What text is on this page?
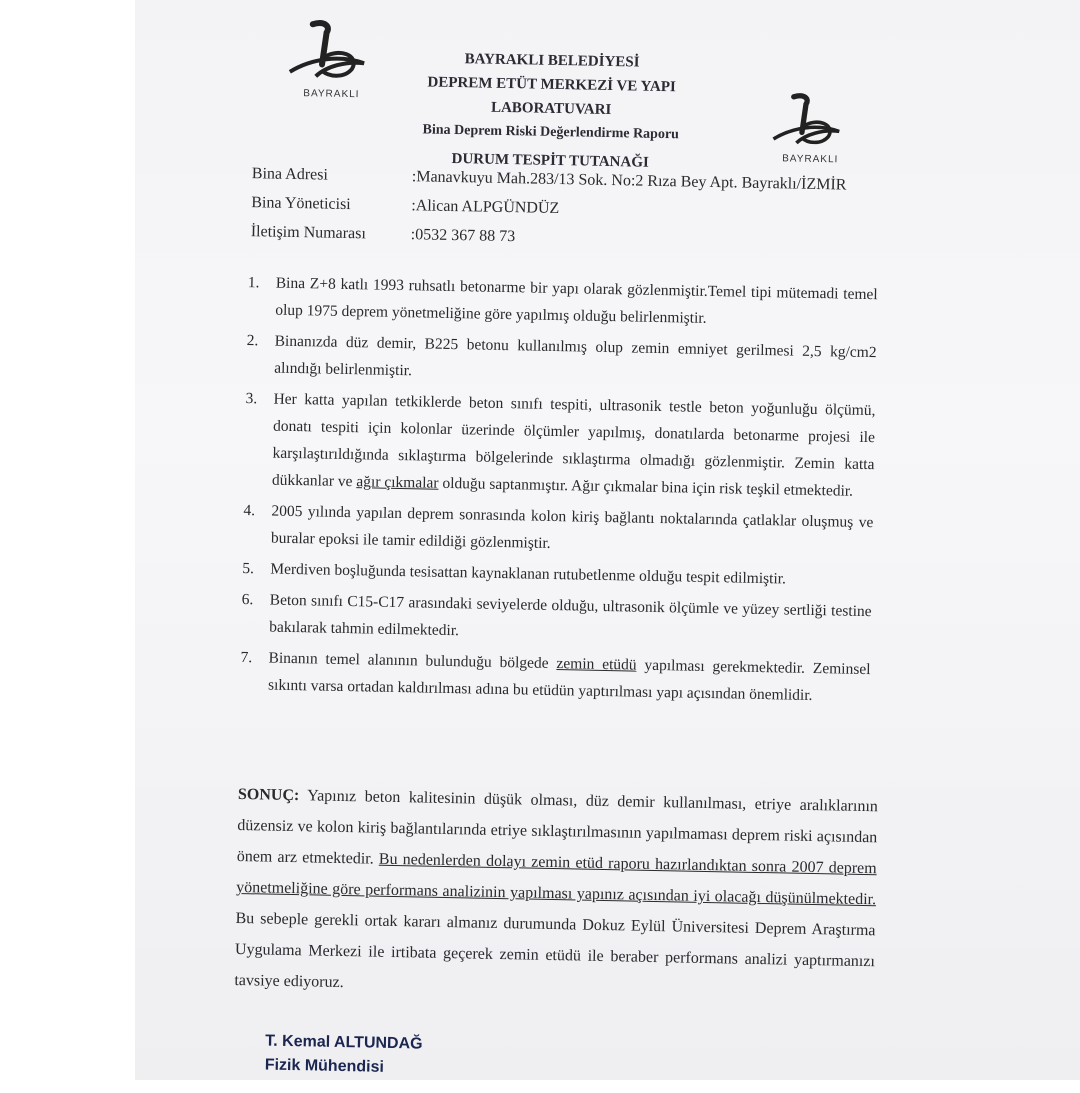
BAYRAKLI
BAYRAKLI
BAYRAKLI BELEDİYESİ
DEPREM ETÜT MERKEZİ VE YAPI
LABORATUVARI
Bina Deprem Riski Değerlendirme Raporu
DURUM TESPİT TUTANAĞI
Bina Adresi	:Manavkuyu Mah.283/13 Sok. No:2 Rıza Bey Apt. Bayraklı/İZMİR
Bina Yöneticisi	:Alican ALPGÜNDÜZ
İletişim Numarası	:0532 367 88 73
1.	Bina Z+8 katlı 1993 ruhsatlı betonarme bir yapı olarak gözlenmiştir.Temel tipi mütemadi temel olup 1975 deprem yönetmeliğine göre yapılmış olduğu belirlenmiştir.
2.	Binanızda düz demir, B225 betonu kullanılmış olup zemin emniyet gerilmesi 2,5 kg/cm2 alındığı belirlenmiştir.
3.	Her katta yapılan tetkiklerde beton sınıfı tespiti, ultrasonik testle beton yoğunluğu ölçümü, donatı tespiti için kolonlar üzerinde ölçümler yapılmış, donatılarda betonarme projesi ile karşılaştırıldığında sıklaştırma bölgelerinde sıklaştırma olmadığı gözlenmiştir. Zemin katta dükkanlar ve ağır çıkmalar olduğu saptanmıştır. Ağır çıkmalar bina için risk teşkil etmektedir.
4.	2005 yılında yapılan deprem sonrasında kolon kiriş bağlantı noktalarında çatlaklar oluşmuş ve buralar epoksi ile tamir edildiği gözlenmiştir.
5.	Merdiven boşluğunda tesisattan kaynaklanan rutubetlenme olduğu tespit edilmiştir.
6.	Beton sınıfı C15-C17 arasındaki seviyelerde olduğu, ultrasonik ölçümle ve yüzey sertliği testine bakılarak tahmin edilmektedir.
7.	Binanın temel alanının bulunduğu bölgede zemin etüdü yapılması gerekmektedir. Zeminsel sıkıntı varsa ortadan kaldırılması adına bu etüdün yaptırılması yapı açısından önemlidir.
SONUÇ: Yapınız beton kalitesinin düşük olması, düz demir kullanılması, etriye aralıklarının düzensiz ve kolon kiriş bağlantılarında etriye sıklaştırılmasının yapılmaması deprem riski açısından önem arz etmektedir. Bu nedenlerden dolayı zemin etüd raporu hazırlandıktan sonra 2007 deprem yönetmeliğine göre performans analizinin yapılması yapınız açısından iyi olacağı düşünülmektedir. Bu sebeple gerekli ortak kararı almanız durumunda Dokuz Eylül Üniversitesi Deprem Araştırma Uygulama Merkezi ile irtibata geçerek zemin etüdü ile beraber performans analizi yaptırmanızı tavsiye ediyoruz.
T. Kemal ALTUNDAĞ
Fizik Mühendisi
